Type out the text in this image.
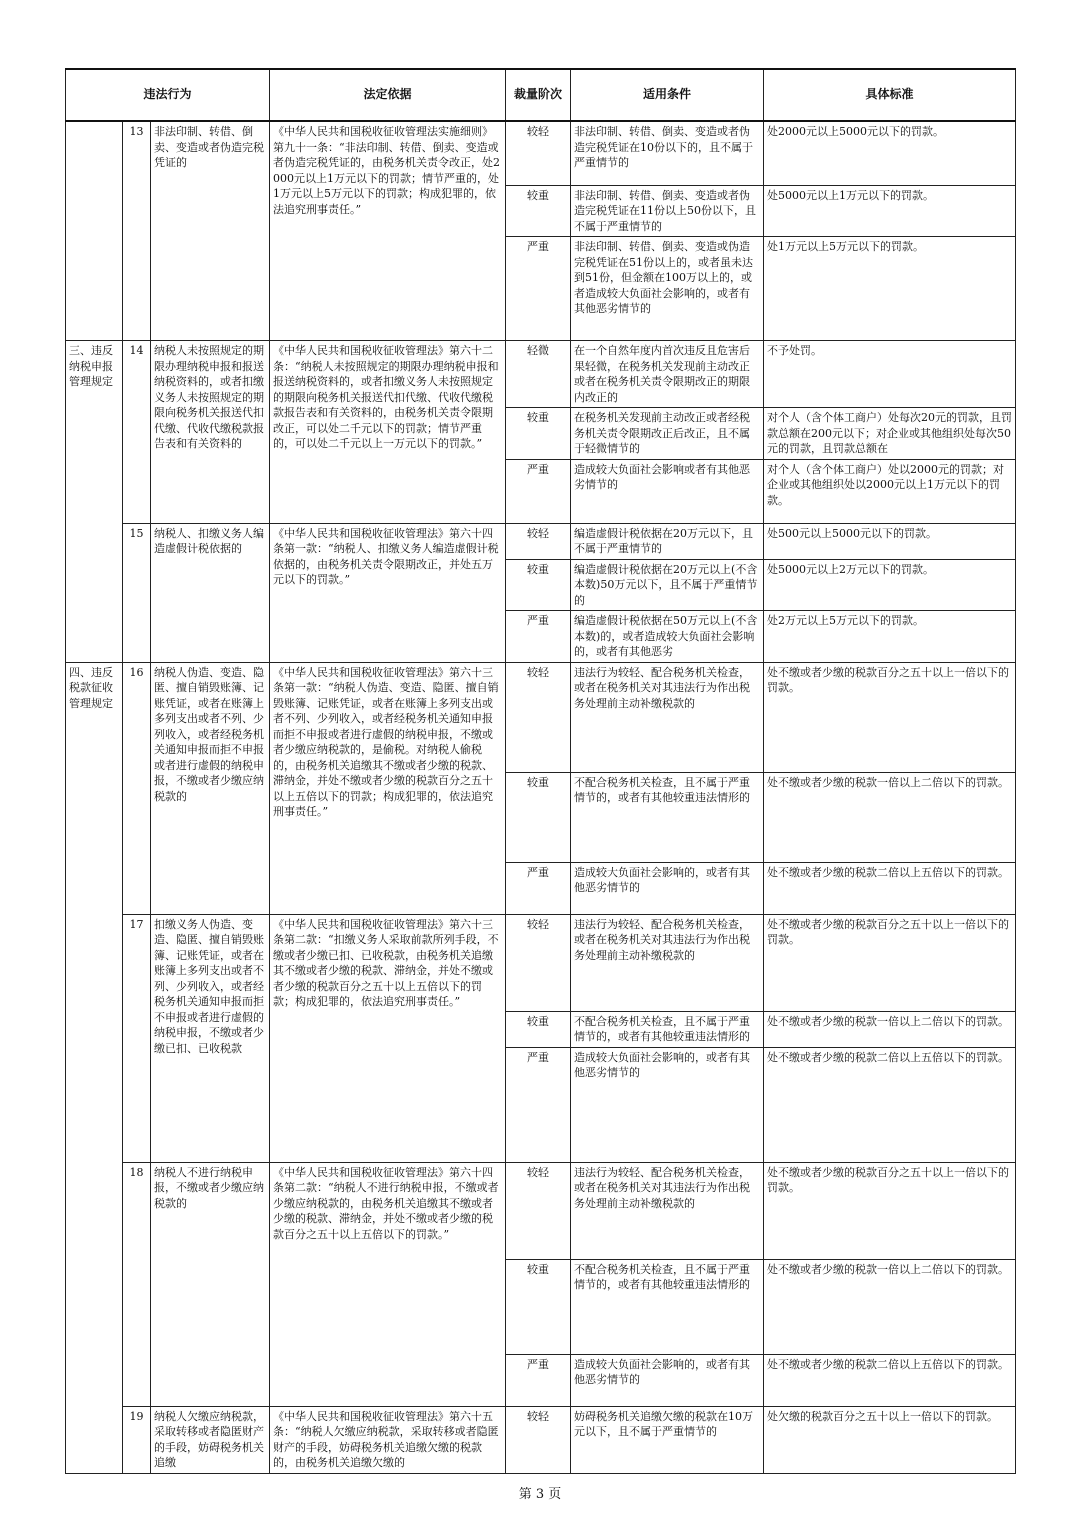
违法行为			法定依据	裁量阶次	适用条件	具体标准
	13	非法印制、转借、倒卖、变造或者伪造完税凭证的	《中华人民共和国税收征收管理法实施细则》第九十一条：“非法印制、转借、倒卖、变造或者伪造完税凭证的，由税务机关责令改正，处2000元以上1万元以下的罚款；情节严重的，处1万元以上5万元以下的罚款；构成犯罪的，依法追究刑事责任。”	较轻	非法印制、转借、倒卖、变造或者伪造完税凭证在10份以下的，且不属于严重情节的	处2000元以上5000元以下的罚款。
				较重	非法印制、转借、倒卖、变造或者伪造完税凭证在11份以上50份以下，且不属于严重情节的	处5000元以上1万元以下的罚款。
				严重	非法印制、转借、倒卖、变造或伪造完税凭证在51份以上的，或者虽未达到51份，但金额在100万以上的，或者造成较大负面社会影响的，或者有其他恶劣情节的	处1万元以上5万元以下的罚款。
三、违反纳税申报管理规定	14	纳税人未按照规定的期限办理纳税申报和报送纳税资料的，或者扣缴义务人未按照规定的期限向税务机关报送代扣代缴、代收代缴税款报告表和有关资料的	《中华人民共和国税收征收管理法》第六十二条：“纳税人未按照规定的期限办理纳税申报和报送纳税资料的，或者扣缴义务人未按照规定的期限向税务机关报送代扣代缴、代收代缴税款报告表和有关资料的，由税务机关责令限期改正，可以处二千元以下的罚款；情节严重的，可以处二千元以上一万元以下的罚款。”	轻微	在一个自然年度内首次违反且危害后果轻微，在税务机关发现前主动改正或者在税务机关责令限期改正的期限内改正的	不予处罚。
				较重	在税务机关发现前主动改正或者经税务机关责令限期改正后改正，且不属于轻微情节的	对个人（含个体工商户）处每次20元的罚款，且罚款总额在200元以下；对企业或其他组织处每次50元的罚款，且罚款总额在
				严重	造成较大负面社会影响或者有其他恶劣情节的	对个人（含个体工商户）处以2000元的罚款；对企业或其他组织处以2000元以上1万元以下的罚款。
	15	纳税人、扣缴义务人编造虚假计税依据的	《中华人民共和国税收征收管理法》第六十四条第一款：“纳税人、扣缴义务人编造虚假计税依据的，由税务机关责令限期改正，并处五万元以下的罚款。”	较轻	编造虚假计税依据在20万元以下，且不属于严重情节的	处500元以上5000元以下的罚款。
				较重	编造虚假计税依据在20万元以上(不含本数)50万元以下，且不属于严重情节的	处5000元以上2万元以下的罚款。
				严重	编造虚假计税依据在50万元以上(不含本数)的，或者造成较大负面社会影响的，或者有其他恶劣	处2万元以上5万元以下的罚款。
四、违反税款征收管理规定	16	纳税人伪造、变造、隐匿、擅自销毁账簿、记账凭证，或者在账簿上多列支出或者不列、少列收入，或者经税务机关通知申报而拒不申报或者进行虚假的纳税申报，不缴或者少缴应纳税款的	《中华人民共和国税收征收管理法》第六十三条第一款：“纳税人伪造、变造、隐匿、擅自销毁账簿、记账凭证，或者在账簿上多列支出或者不列、少列收入，或者经税务机关通知申报而拒不申报或者进行虚假的纳税申报，不缴或者少缴应纳税款的，是偷税。对纳税人偷税的，由税务机关追缴其不缴或者少缴的税款、滞纳金，并处不缴或者少缴的税款百分之五十以上五倍以下的罚款；构成犯罪的，依法追究刑事责任。”	较轻	违法行为较轻、配合税务机关检查，或者在税务机关对其违法行为作出税务处理前主动补缴税款的	处不缴或者少缴的税款百分之五十以上一倍以下的罚款。
				较重	不配合税务机关检查，且不属于严重情节的，或者有其他较重违法情形的	处不缴或者少缴的税款一倍以上二倍以下的罚款。
				严重	造成较大负面社会影响的，或者有其他恶劣情节的	处不缴或者少缴的税款二倍以上五倍以下的罚款。
	17	扣缴义务人伪造、变造、隐匿、擅自销毁账簿、记账凭证，或者在账簿上多列支出或者不列、少列收入，或者经税务机关通知申报而拒不申报或者进行虚假的纳税申报，不缴或者少缴已扣、已收税款	《中华人民共和国税收征收管理法》第六十三条第二款：“扣缴义务人采取前款所列手段，不缴或者少缴已扣、已收税款，由税务机关追缴其不缴或者少缴的税款、滞纳金，并处不缴或者少缴的税款百分之五十以上五倍以下的罚款；构成犯罪的，依法追究刑事责任。”	较轻	违法行为较轻、配合税务机关检查，或者在税务机关对其违法行为作出税务处理前主动补缴税款的	处不缴或者少缴的税款百分之五十以上一倍以下的罚款。
				较重	不配合税务机关检查，且不属于严重情节的，或者有其他较重违法情形的	处不缴或者少缴的税款一倍以上二倍以下的罚款。
				严重	造成较大负面社会影响的，或者有其他恶劣情节的	处不缴或者少缴的税款二倍以上五倍以下的罚款。
	18	纳税人不进行纳税申报，不缴或者少缴应纳税款的	《中华人民共和国税收征收管理法》第六十四条第二款：“纳税人不进行纳税申报，不缴或者少缴应纳税款的，由税务机关追缴其不缴或者少缴的税款、滞纳金，并处不缴或者少缴的税款百分之五十以上五倍以下的罚款。”	较轻	违法行为较轻、配合税务机关检查，或者在税务机关对其违法行为作出税务处理前主动补缴税款的	处不缴或者少缴的税款百分之五十以上一倍以下的罚款。
				较重	不配合税务机关检查，且不属于严重情节的，或者有其他较重违法情形的	处不缴或者少缴的税款一倍以上二倍以下的罚款。
				严重	造成较大负面社会影响的，或者有其他恶劣情节的	处不缴或者少缴的税款二倍以上五倍以下的罚款。
	19	纳税人欠缴应纳税款，采取转移或者隐匿财产的手段，妨碍税务机关追缴	《中华人民共和国税收征收管理法》第六十五条：“纳税人欠缴应纳税款，采取转移或者隐匿财产的手段，妨碍税务机关追缴欠缴的税款的，由税务机关追缴欠缴的	较轻	妨碍税务机关追缴欠缴的税款在10万元以下，且不属于严重情节的	处欠缴的税款百分之五十以上一倍以下的罚款。
第 3 页
